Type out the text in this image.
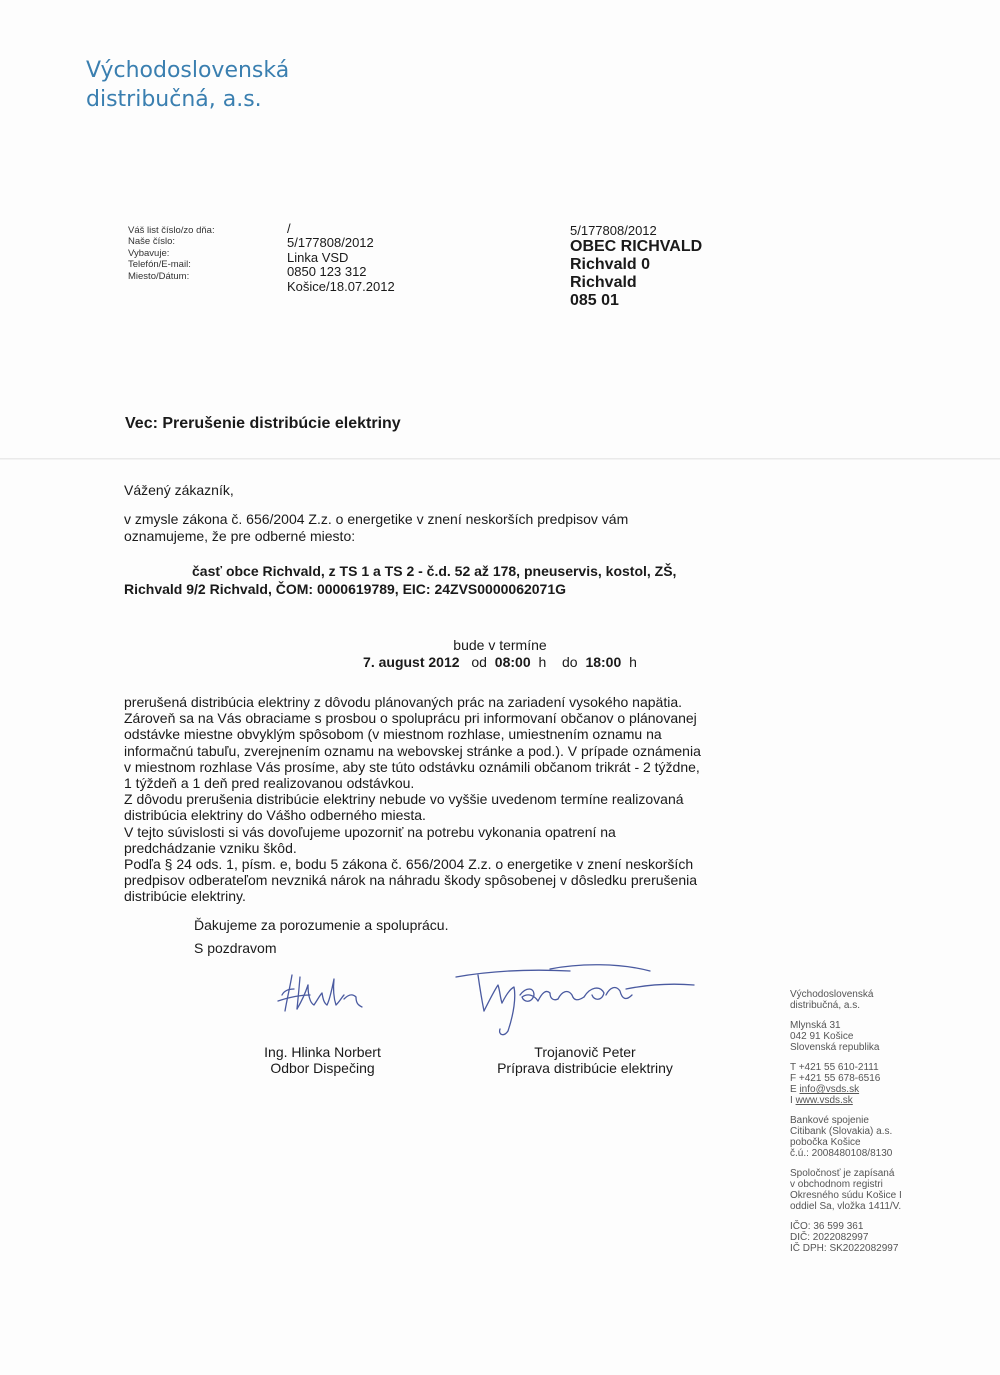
Východoslovenská
distribučná, a.s.
Váš list číslo/zo dňa:
Naše číslo:
Vybavuje:
Telefón/E-mail:
Miesto/Dátum:
/
5/177808/2012
Linka VSD
0850 123 312
Košice/18.07.2012
5/177808/2012
OBEC RICHVALD
Richvald 0
Richvald
085 01
Vec: Prerušenie distribúcie elektriny
Vážený zákazník,
v zmysle zákona č. 656/2004 Z.z. o energetike v znení neskorších predpisov vám
oznamujeme, že pre odberné miesto:
časť obce Richvald, z TS 1 a TS 2 - č.d. 52 až 178, pneuservis, kostol, ZŠ,
Richvald 9/2 Richvald, ČOM: 0000619789, EIC: 24ZVS0000062071G
bude v termíne
7. august 2012 od 08:00 h do 18:00 h
prerušená distribúcia elektriny z dôvodu plánovaných prác na zariadení vysokého napätia.
Zároveň sa na Vás obraciame s prosbou o spoluprácu pri informovaní občanov o plánovanej
odstávke miestne obvyklým spôsobom (v miestnom rozhlase, umiestnením oznamu na
informačnú tabuľu, zverejnením oznamu na webovskej stránke a pod.). V prípade oznámenia
v miestnom rozhlase Vás prosíme, aby ste túto odstávku oznámili občanom trikrát - 2 týždne,
1 týždeň a 1 deň pred realizovanou odstávkou.
Z dôvodu prerušenia distribúcie elektriny nebude vo vyššie uvedenom termíne realizovaná
distribúcia elektriny do Vášho odberného miesta.
V tejto súvislosti si vás dovoľujeme upozorniť na potrebu vykonania opatrení na
predchádzanie vzniku škôd.
Podľa § 24 ods. 1, písm. e, bodu 5 zákona č. 656/2004 Z.z. o energetike v znení neskorších
predpisov odberateľom nevzniká nárok na náhradu škody spôsobenej v dôsledku prerušenia
distribúcie elektriny.
Ďakujeme za porozumenie a spoluprácu.
S pozdravom
Ing. Hlinka Norbert
Odbor Dispečing
Trojanovič Peter
Príprava distribúcie elektriny
Východoslovenská
distribučná, a.s.
Mlynská 31
042 91 Košice
Slovenská republika
T +421 55 610-2111
F +421 55 678-6516
E info@vsds.sk
I www.vsds.sk
Bankové spojenie
Citibank (Slovakia) a.s.
pobočka Košice
č.ú.: 2008480108/8130
Spoločnosť je zapísaná
v obchodnom registri
Okresného súdu Košice I
oddiel Sa, vložka 1411/V.
IČO: 36 599 361
DIČ: 2022082997
IČ DPH: SK2022082997
